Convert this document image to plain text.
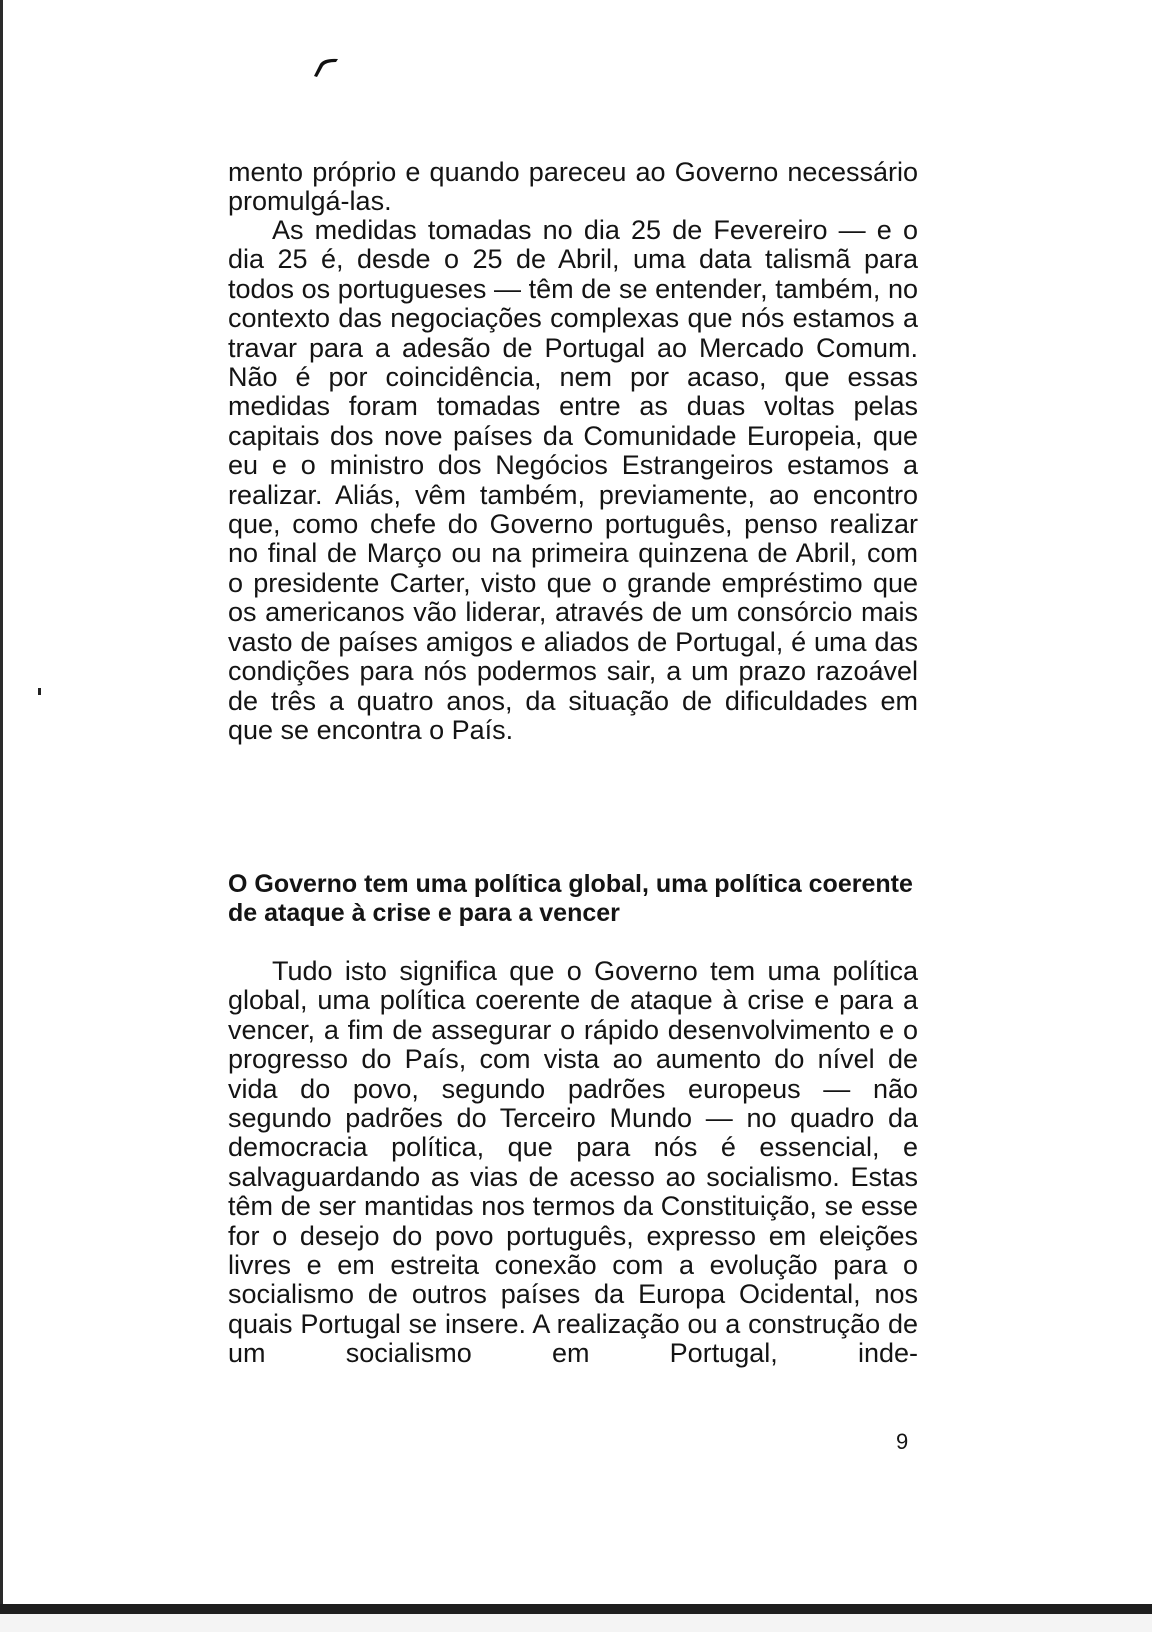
mento próprio e quando pareceu ao Governo necessário promulgá-las.

As medidas tomadas no dia 25 de Fevereiro — e o dia 25 é, desde o 25 de Abril, uma data talismã para todos os portugueses — têm de se entender, também, no contexto das negociações complexas que nós estamos a travar para a adesão de Portugal ao Mercado Comum. Não é por coincidência, nem por acaso, que essas medidas foram tomadas entre as duas voltas pelas capitais dos nove países da Comunidade Europeia, que eu e o ministro dos Negócios Estrangeiros estamos a realizar. Aliás, vêm também, previamente, ao encontro que, como chefe do Governo português, penso realizar no final de Março ou na primeira quinzena de Abril, com o presidente Carter, visto que o grande empréstimo que os americanos vão liderar, através de um consórcio mais vasto de países amigos e aliados de Portugal, é uma das condições para nós podermos sair, a um prazo razoável de três a quatro anos, da situação de dificuldades em que se encontra o País.

O Governo tem uma política global, uma política coerente de ataque à crise e para a vencer

Tudo isto significa que o Governo tem uma política global, uma política coerente de ataque à crise e para a vencer, a fim de assegurar o rápido desenvolvimento e o progresso do País, com vista ao aumento do nível de vida do povo, segundo padrões europeus — não segundo padrões do Terceiro Mundo — no quadro da democracia política, que para nós é essencial, e salvaguardando as vias de acesso ao socialismo. Estas têm de ser mantidas nos termos da Constituição, se esse for o desejo do povo português, expresso em eleições livres e em estreita conexão com a evolução para o socialismo de outros países da Europa Ocidental, nos quais Portugal se insere. A realização ou a construção de um socialismo em Portugal, inde-

9
